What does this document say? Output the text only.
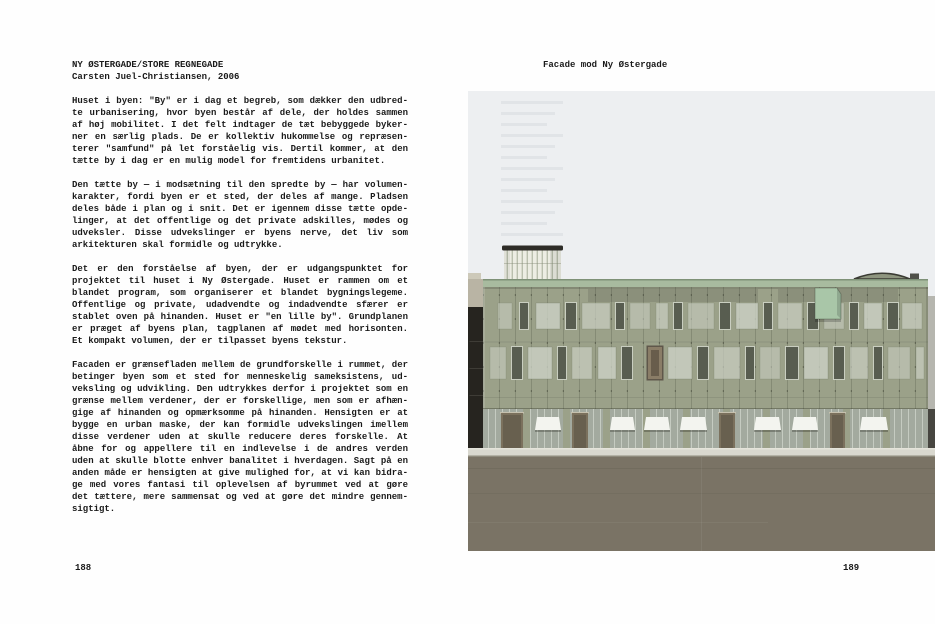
NY ØSTERGADE/STORE REGNEGADE
Carsten Juel-Christiansen, 2006
Huset i byen: "By" er i dag et begreb, som dækker den udbred-
te urbanisering, hvor byen består af dele, der holdes sammen
af høj mobilitet. I det felt indtager de tæt bebyggede byker-
ner en særlig plads. De er kollektiv hukommelse og repræsen-
terer "samfund" på let forståelig vis. Dertil kommer, at den
tætte by i dag er en mulig model for fremtidens urbanitet.
Den tætte by — i modsætning til den spredte by — har volumen-
karakter, fordi byen er et sted, der deles af mange. Pladsen
deles både i plan og i snit. Det er igennem disse tætte opde-
linger, at det offentlige og det private adskilles, mødes og
udveksler. Disse udvekslinger er byens nerve, det liv som
arkitekturen skal formidle og udtrykke.
Det er den forståelse af byen, der er udgangspunktet for
projektet til huset i Ny Østergade. Huset er rammen om et
blandet program, som organiserer et blandet bygningslegeme.
Offentlige og private, udadvendte og indadvendte sfærer er
stablet oven på hinanden. Huset er "en lille by". Grundplanen
er præget af byens plan, tagplanen af mødet med horisonten.
Et kompakt volumen, der er tilpasset byens tekstur.
Facaden er grænsefladen mellem de grundforskelle i rummet, der
betinger byen som et sted for menneskelig sameksistens, ud-
veksling og udvikling. Den udtrykkes derfor i projektet som en
grænse mellem verdener, der er forskellige, men som er afhæn-
gige af hinanden og opmærksomme på hinanden. Hensigten er at
bygge en urban maske, der kan formidle udvekslingen imellem
disse verdener uden at skulle reducere deres forskelle. At
åbne for og appellere til en indlevelse i de andres verden
uden at skulle blotte enhver banalitet i hverdagen. Sagt på en
anden måde er hensigten at give mulighed for, at vi kan bidra-
ge med vores fantasi til oplevelsen af byrummet ved at gøre
det tættere, mere sammensat og ved at gøre det mindre gennem-
sigtigt.
188
Facade mod Ny Østergade
189
